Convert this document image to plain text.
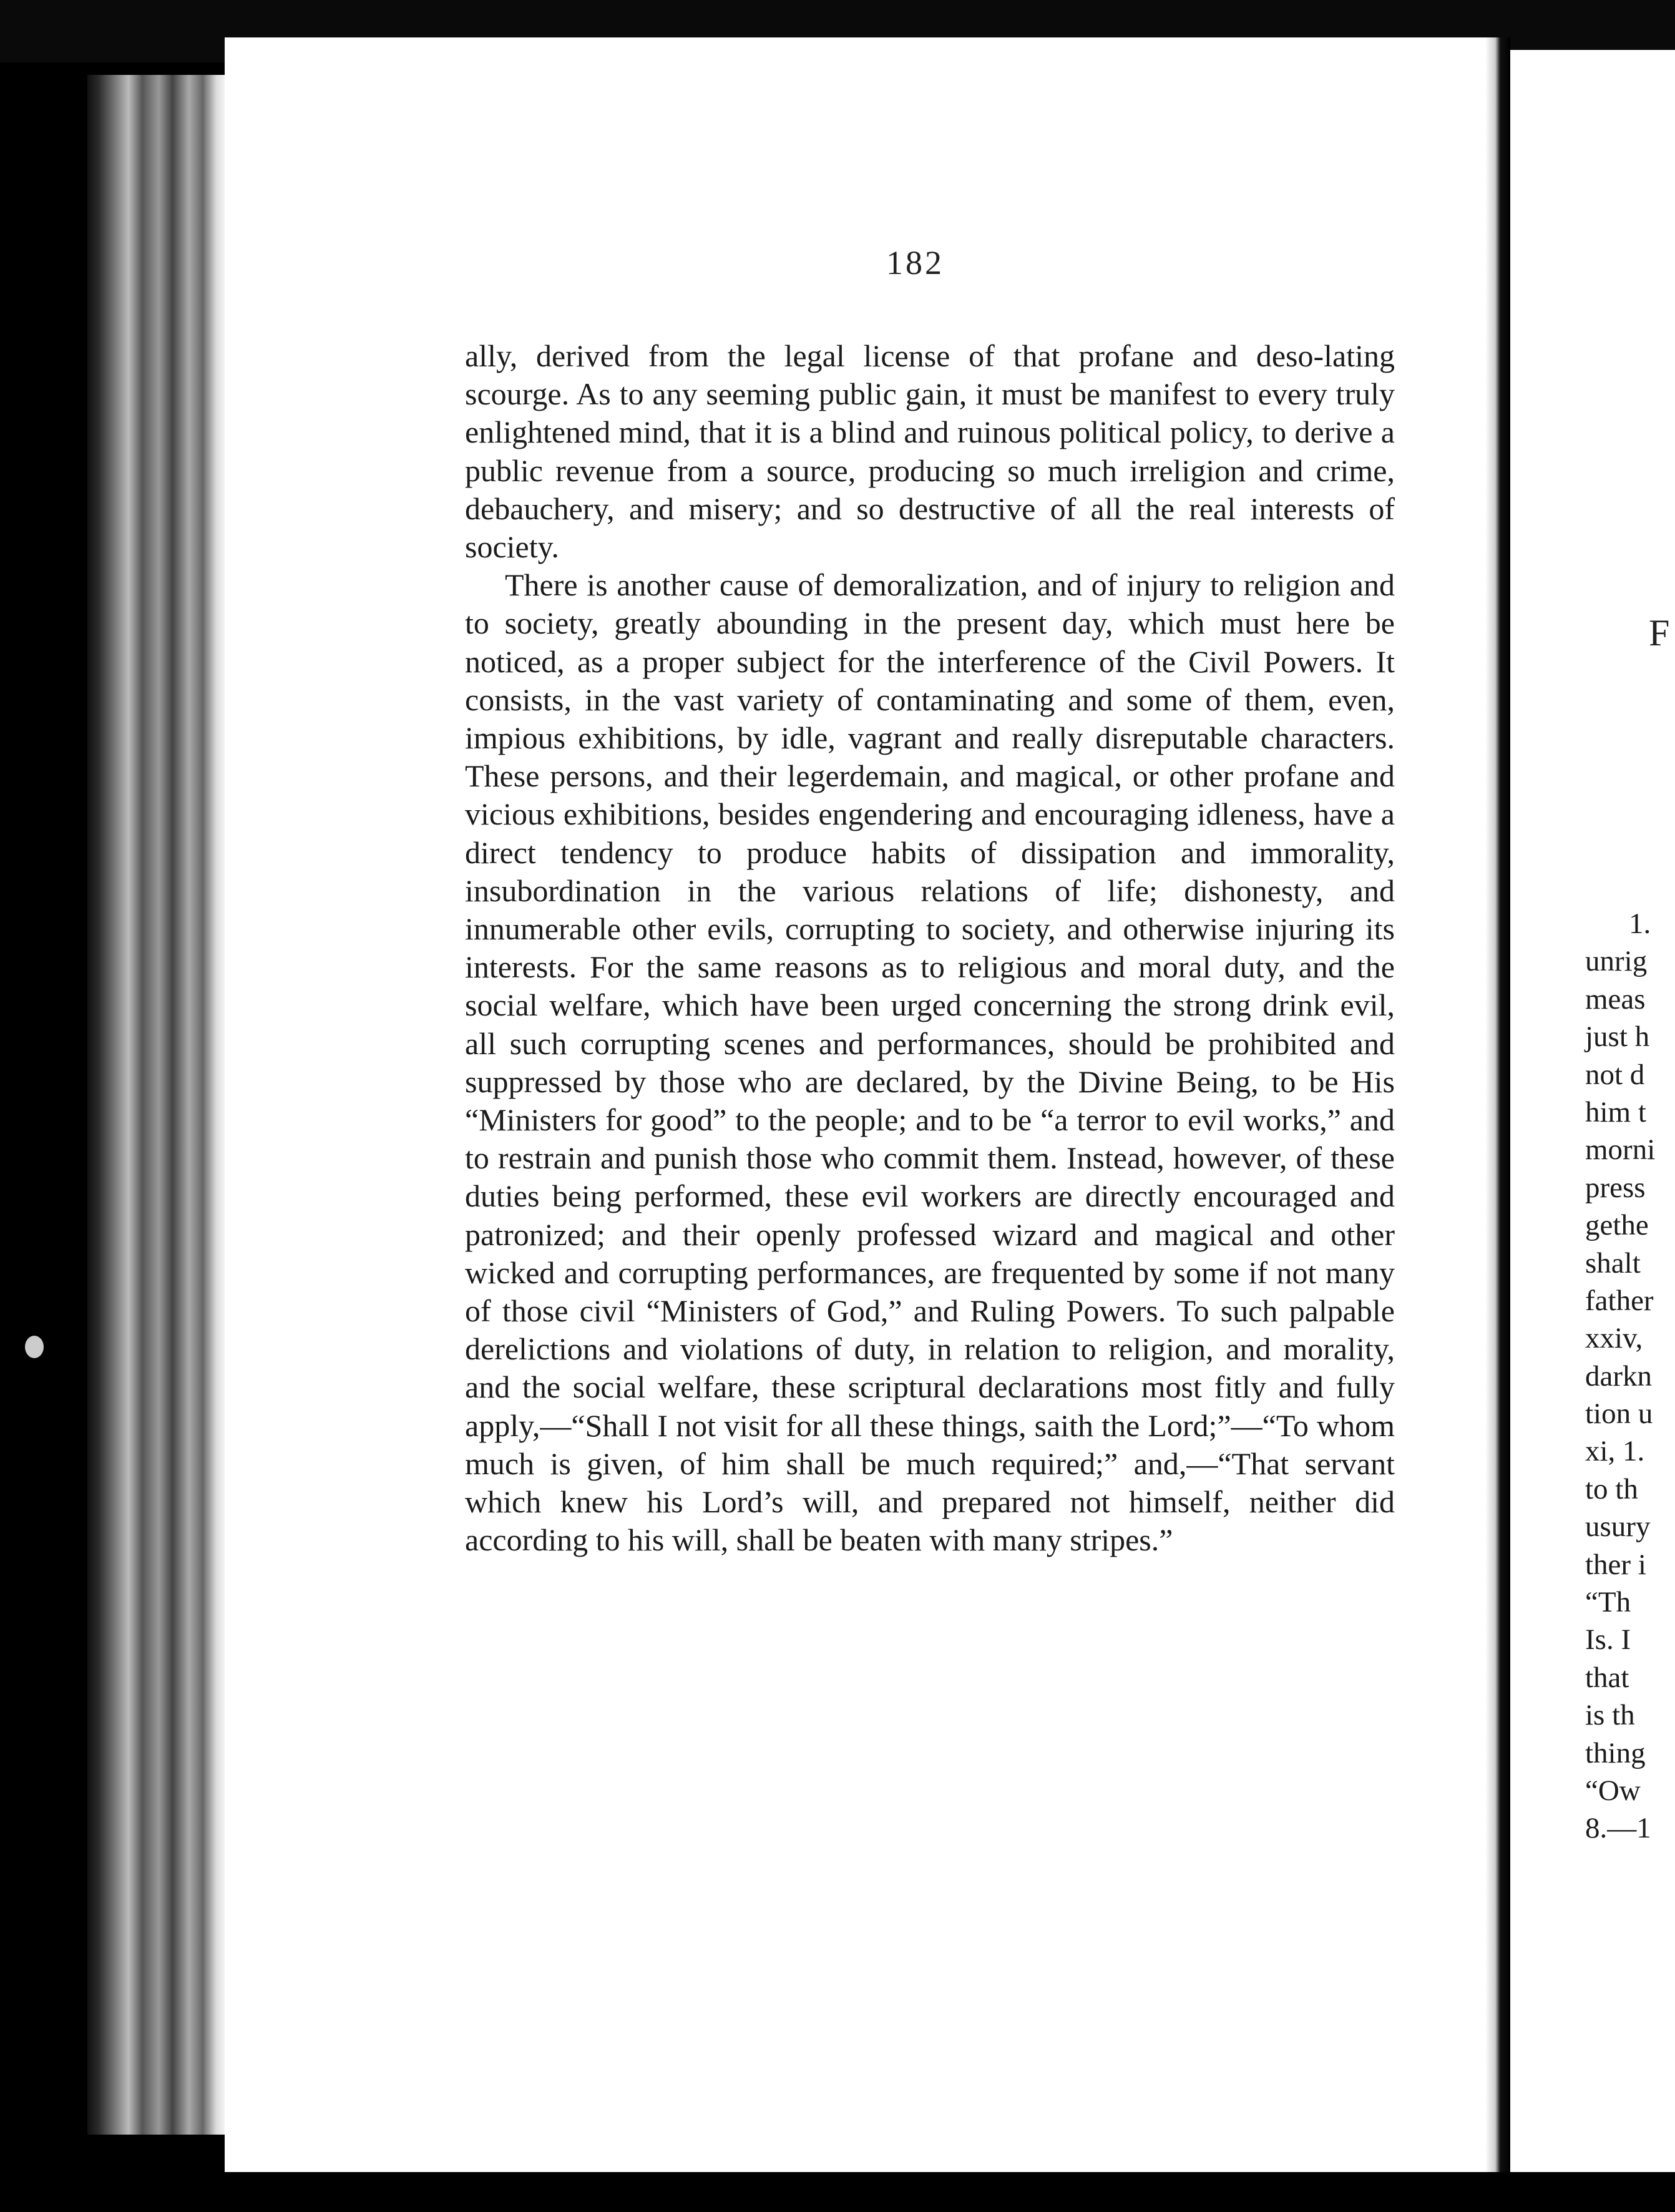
182

ally, derived from the legal license of that profane and deso-lating scourge. As to any seeming public gain, it must be manifest to every truly enlightened mind, that it is a blind and ruinous political policy, to derive a public revenue from a source, producing so much irreligion and crime, debauchery, and misery; and so destructive of all the real interests of society.

There is another cause of demoralization, and of injury to religion and to society, greatly abounding in the present day, which must here be noticed, as a proper subject for the interference of the Civil Powers. It consists, in the vast variety of contaminating and some of them, even, impious exhibitions, by idle, vagrant and really disreputable characters. These persons, and their legerdemain, and magical, or other profane and vicious exhibitions, besides engendering and encouraging idleness, have a direct tendency to produce habits of dissipation and immorality, insubordination in the various relations of life; dishonesty, and innumerable other evils, corrupting to society, and otherwise injuring its interests. For the same reasons as to religious and moral duty, and the social welfare, which have been urged concerning the strong drink evil, all such corrupting scenes and performances, should be prohibited and suppressed by those who are declared, by the Divine Being, to be His “Ministers for good” to the people; and to be “a terror to evil works,” and to restrain and punish those who commit them. Instead, however, of these duties being performed, these evil workers are directly encouraged and patronized; and their openly professed wizard and magical and other wicked and corrupting performances, are frequented by some if not many of those civil “Ministers of God,” and Ruling Powers. To such palpable derelictions and violations of duty, in relation to religion, and morality, and the social welfare, these scriptural declarations most fitly and fully apply,—“Shall I not visit for all these things, saith the Lord;”—“To whom much is given, of him shall be much required;” and,—“That servant which knew his Lord’s will, and prepared not himself, neither did according to his will, shall be beaten with many stripes.”

F
1.
unrig
meas
just h
not d
him t
morni
press
gethe
shalt
father
xxiv,
darkn
tion u
xi, 1.
to th
usury
ther i
“Th
Is. I
that
is th
thing
“Ow
8.—1
